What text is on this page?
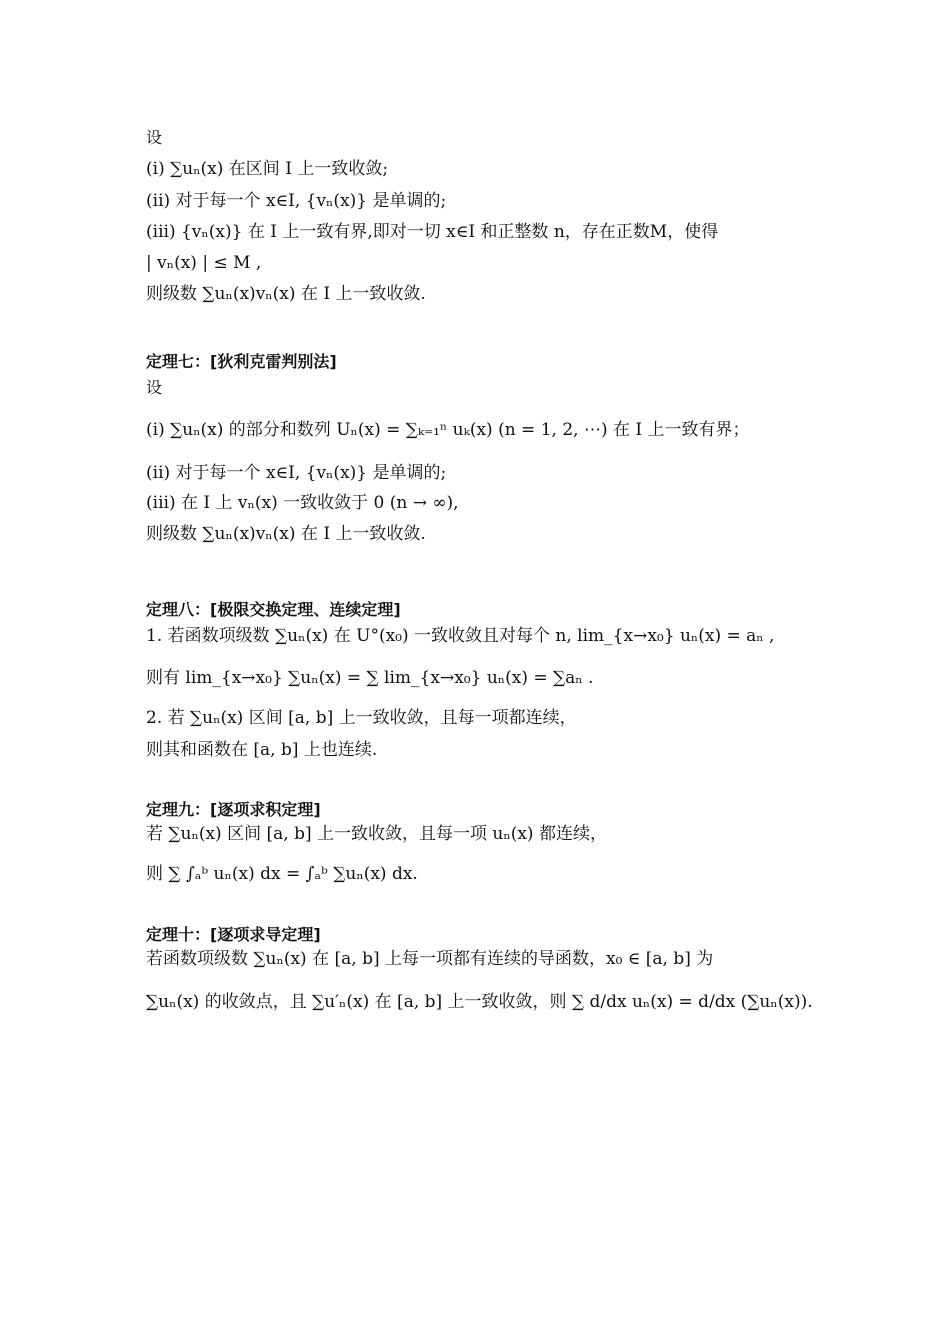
设
(i) ∑uₙ(x) 在区间 I 上一致收敛;
(ii) 对于每一个 x∈I, {vₙ(x)} 是单调的;
(iii) {vₙ(x)} 在 I 上一致有界,即对一切 x∈I 和正整数 n，存在正数M，使得
| vₙ(x) | ≤ M ,
则级数 ∑uₙ(x)vₙ(x) 在 I 上一致收敛.
定理七：[狄利克雷判别法]
设
(i) ∑uₙ(x) 的部分和数列 Uₙ(x) = ∑ₖ₌₁ⁿ uₖ(x) (n = 1, 2, ⋯) 在 I 上一致有界；
(ii) 对于每一个 x∈I, {vₙ(x)} 是单调的;
(iii) 在 I 上 vₙ(x) 一致收敛于 0 (n → ∞),
则级数 ∑uₙ(x)vₙ(x) 在 I 上一致收敛.
定理八：[极限交换定理、连续定理]
1. 若函数项级数 ∑uₙ(x) 在 U°(x₀) 一致收敛且对每个 n, lim_{x→x₀} uₙ(x) = aₙ ,
则有 lim_{x→x₀} ∑uₙ(x) = ∑ lim_{x→x₀} uₙ(x) = ∑aₙ .
2. 若 ∑uₙ(x) 区间 [a, b] 上一致收敛，且每一项都连续，
则其和函数在 [a, b] 上也连续.
定理九：[逐项求积定理]
若 ∑uₙ(x) 区间 [a, b] 上一致收敛，且每一项 uₙ(x) 都连续，
则 ∑ ∫ₐᵇ uₙ(x) dx = ∫ₐᵇ ∑uₙ(x) dx.
定理十：[逐项求导定理]
若函数项级数 ∑uₙ(x) 在 [a, b] 上每一项都有连续的导函数，x₀ ∈ [a, b] 为
∑uₙ(x) 的收敛点，且 ∑u′ₙ(x) 在 [a, b] 上一致收敛，则 ∑ d/dx uₙ(x) = d/dx (∑uₙ(x)).
